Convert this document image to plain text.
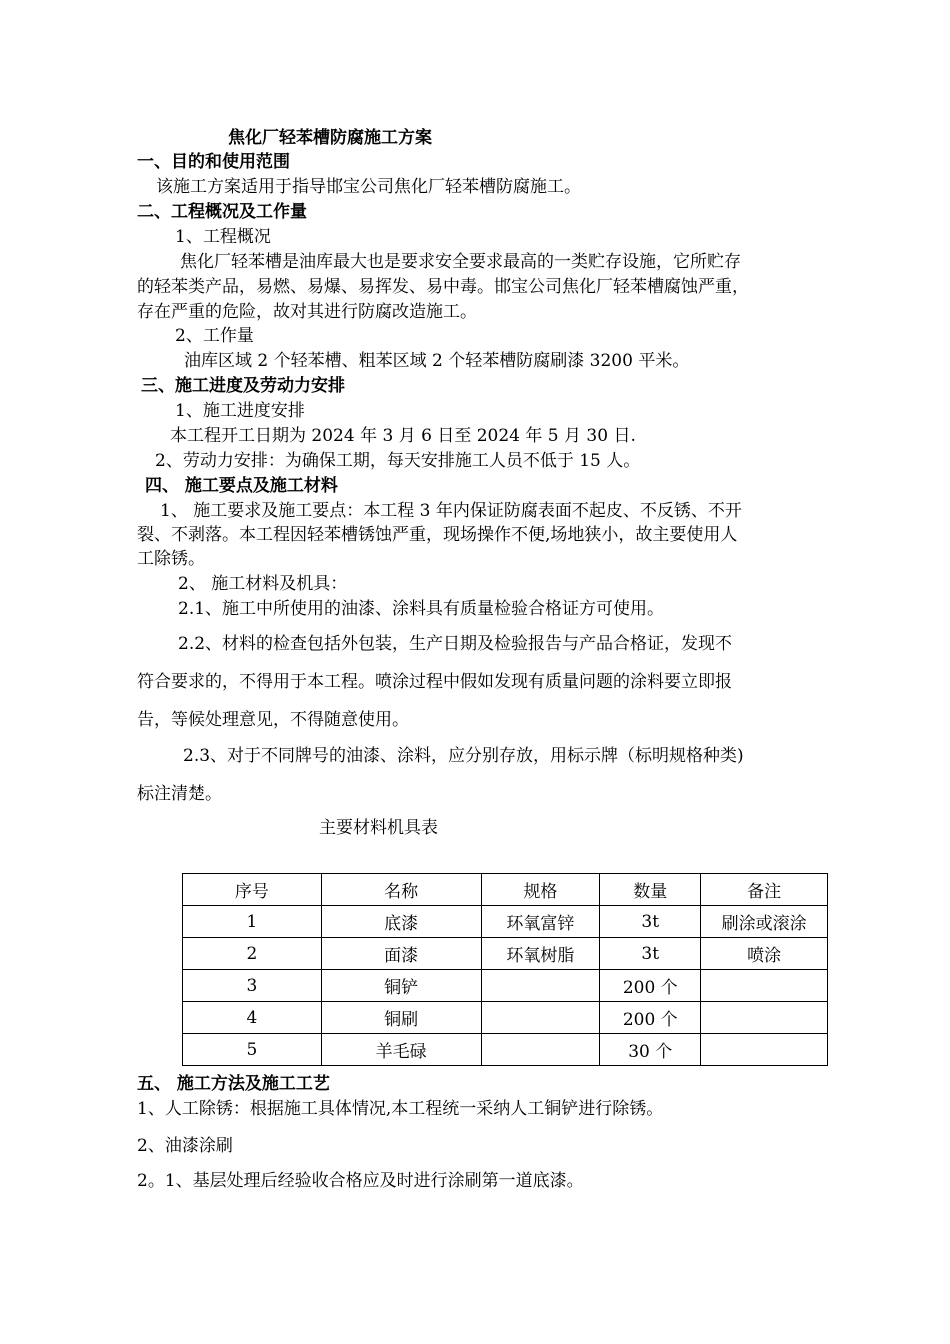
焦化厂轻苯槽防腐施工方案
一、目的和使用范围
该施工方案适用于指导邯宝公司焦化厂轻苯槽防腐施工。
二、工程概况及工作量
1、工程概况
焦化厂轻苯槽是油库最大也是要求安全要求最高的一类贮存设施，它所贮存
的轻苯类产品，易燃、易爆、易挥发、易中毒。邯宝公司焦化厂轻苯槽腐蚀严重，
存在严重的危险，故对其进行防腐改造施工。
2、工作量
油库区域 2 个轻苯槽、粗苯区域 2 个轻苯槽防腐刷漆 3200 平米。
三、施工进度及劳动力安排
1、施工进度安排
本工程开工日期为 2024 年 3 月 6 日至 2024 年 5 月 30 日.
2、劳动力安排：为确保工期，每天安排施工人员不低于 15 人。
四、 施工要点及施工材料
1、 施工要求及施工要点：本工程 3 年内保证防腐表面不起皮、不反锈、不开
裂、不剥落。本工程因轻苯槽锈蚀严重，现场操作不便,场地狭小，故主要使用人
工除锈。
2、 施工材料及机具：
2.1、施工中所使用的油漆、涂料具有质量检验合格证方可使用。
2.2、材料的检查包括外包装，生产日期及检验报告与产品合格证，发现不
符合要求的，不得用于本工程。喷涂过程中假如发现有质量问题的涂料要立即报
告，等候处理意见，不得随意使用。
2.3、对于不同牌号的油漆、涂料，应分别存放，用标示牌（标明规格种类)
标注清楚。
主要材料机具表
序号	名称	规格	数量	备注
1	底漆	环氧富锌	3t	刷涂或滚涂
2	面漆	环氧树脂	3t	喷涂
3	铜铲		200 个	
4	铜刷		200 个	
5	羊毛碌		30 个	
五、 施工方法及施工工艺
1、人工除锈：根据施工具体情况,本工程统一采纳人工铜铲进行除锈。
2、油漆涂刷
2。1、基层处理后经验收合格应及时进行涂刷第一道底漆。
